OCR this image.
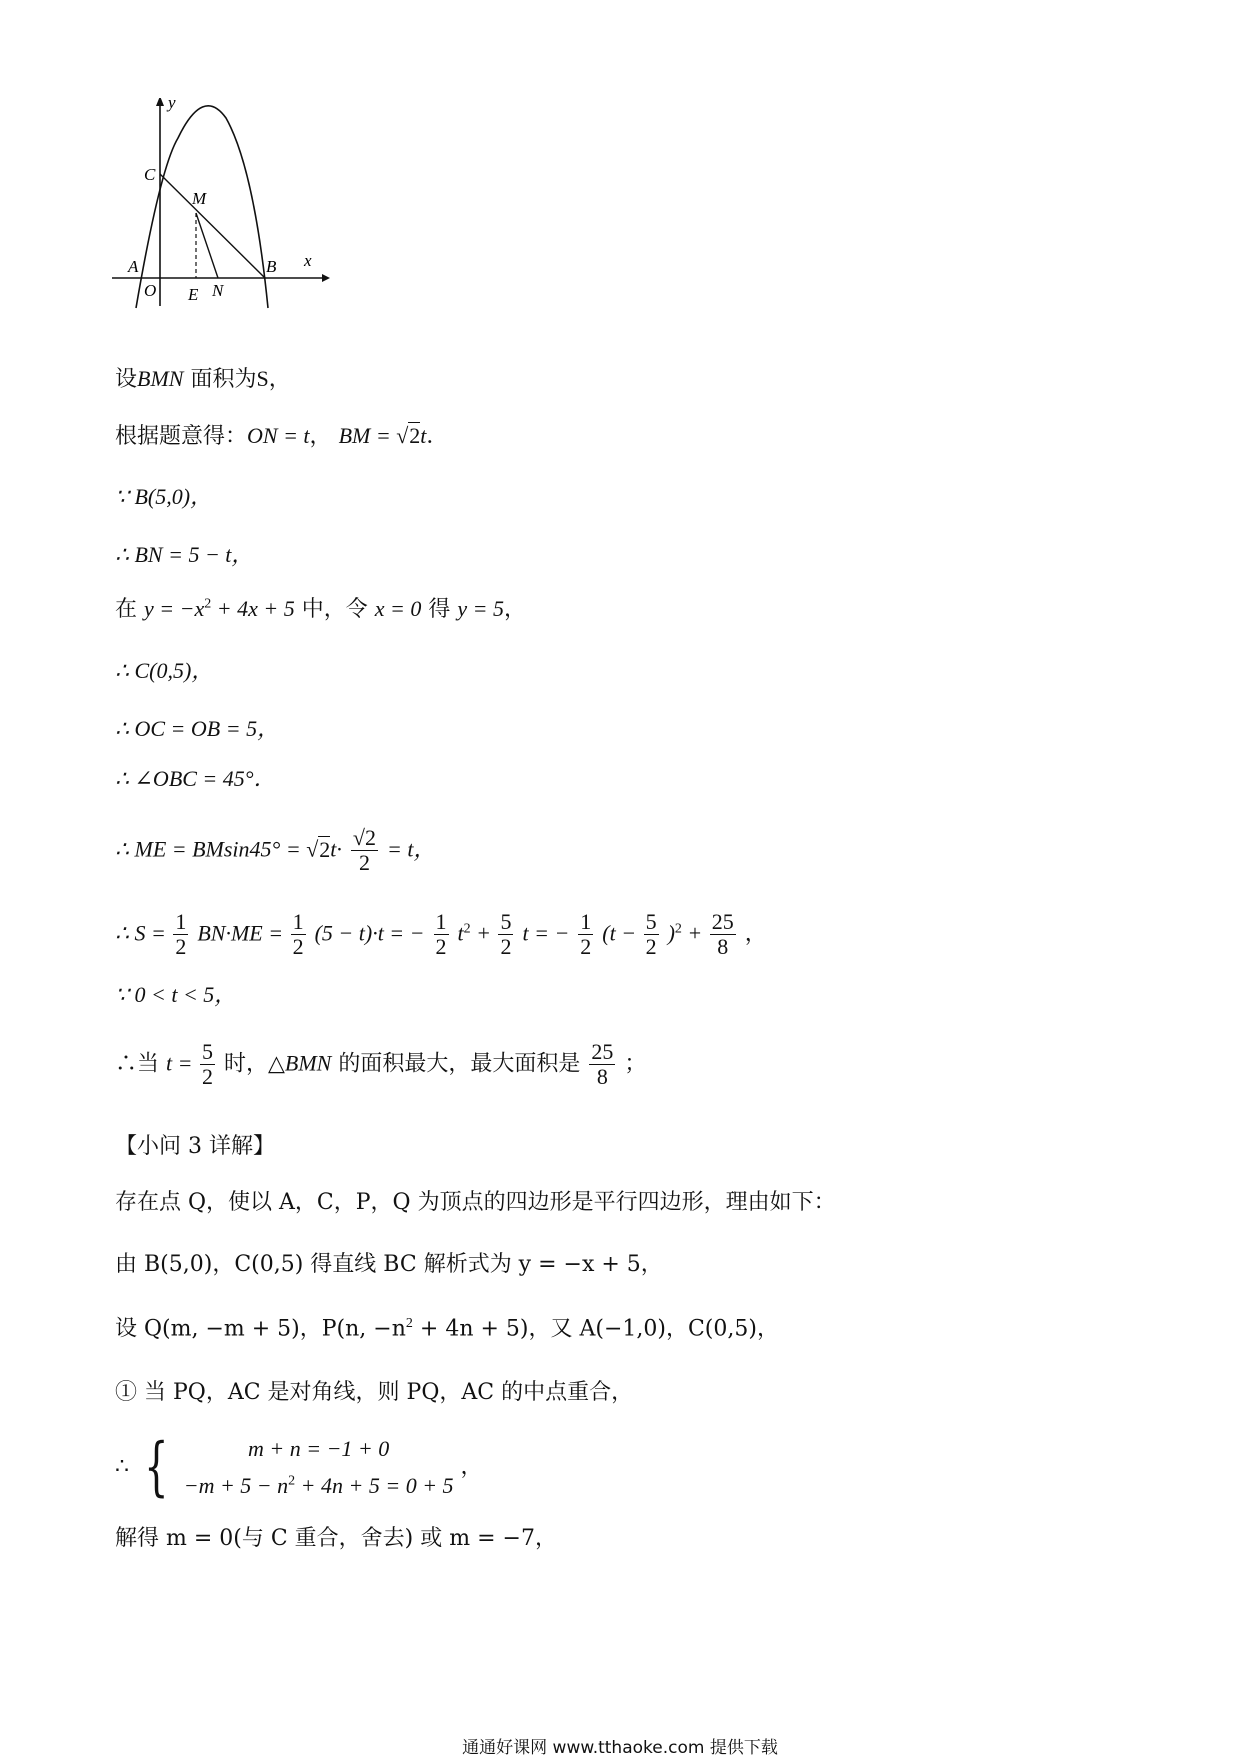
y
x
C
M
A
O
B
E N
设BMN 面积为S，
根据题意得：ON = t， BM = √2t．
∵ B(5,0)，
∴ BN = 5 − t，
在 $y = -x^2 + 4x + 5$ 中，令 x = 0 得 y = 5，
∴ C(0,5)，
∴ OC = OB = 5，
∴ ∠OBC = 45°．
∴ ME = $BMsin45^\circ = √2t\cdot \frac{√2}{2} = t$，
∴ $S = \frac{1}{2} BN\cdot ME = \frac{1}{2} (5 - t)\cdot t$ = − $\frac{1}{2} t^2 + \frac{5}{2}$ t = − $\frac{1}{2} (t - \frac{5}{2} )^2 + \frac{25}{8}$ ，
∵ 0 < t < 5，
∴当 $t = \frac{5}{2}$ 时，△BMN 的面积最大，最大面积是 $\frac{25}{8}$ ；
【小问 3 详解】
存在点 Q，使以 A，C，P，Q 为顶点的四边形是平行四边形，理由如下：
由 B(5,0)，C(0,5) 得直线 BC 解析式为 y = −x + 5，
设 Q(m, −m + 5)，P(n, $-n^2 + 4n + 5$)，又 A(−1,0)，C(0,5)，
① 当 PQ，AC 是对角线，则 PQ，AC 的中点重合，
∴ {	m + n = −1 + 0
$-m + 5 - n^2 + 4n + 5 = 0 + 5$
，
解得 m = 0(与 C 重合，舍去) 或 m = −7，
通通好课网 www.tthaoke.com 提供下载
